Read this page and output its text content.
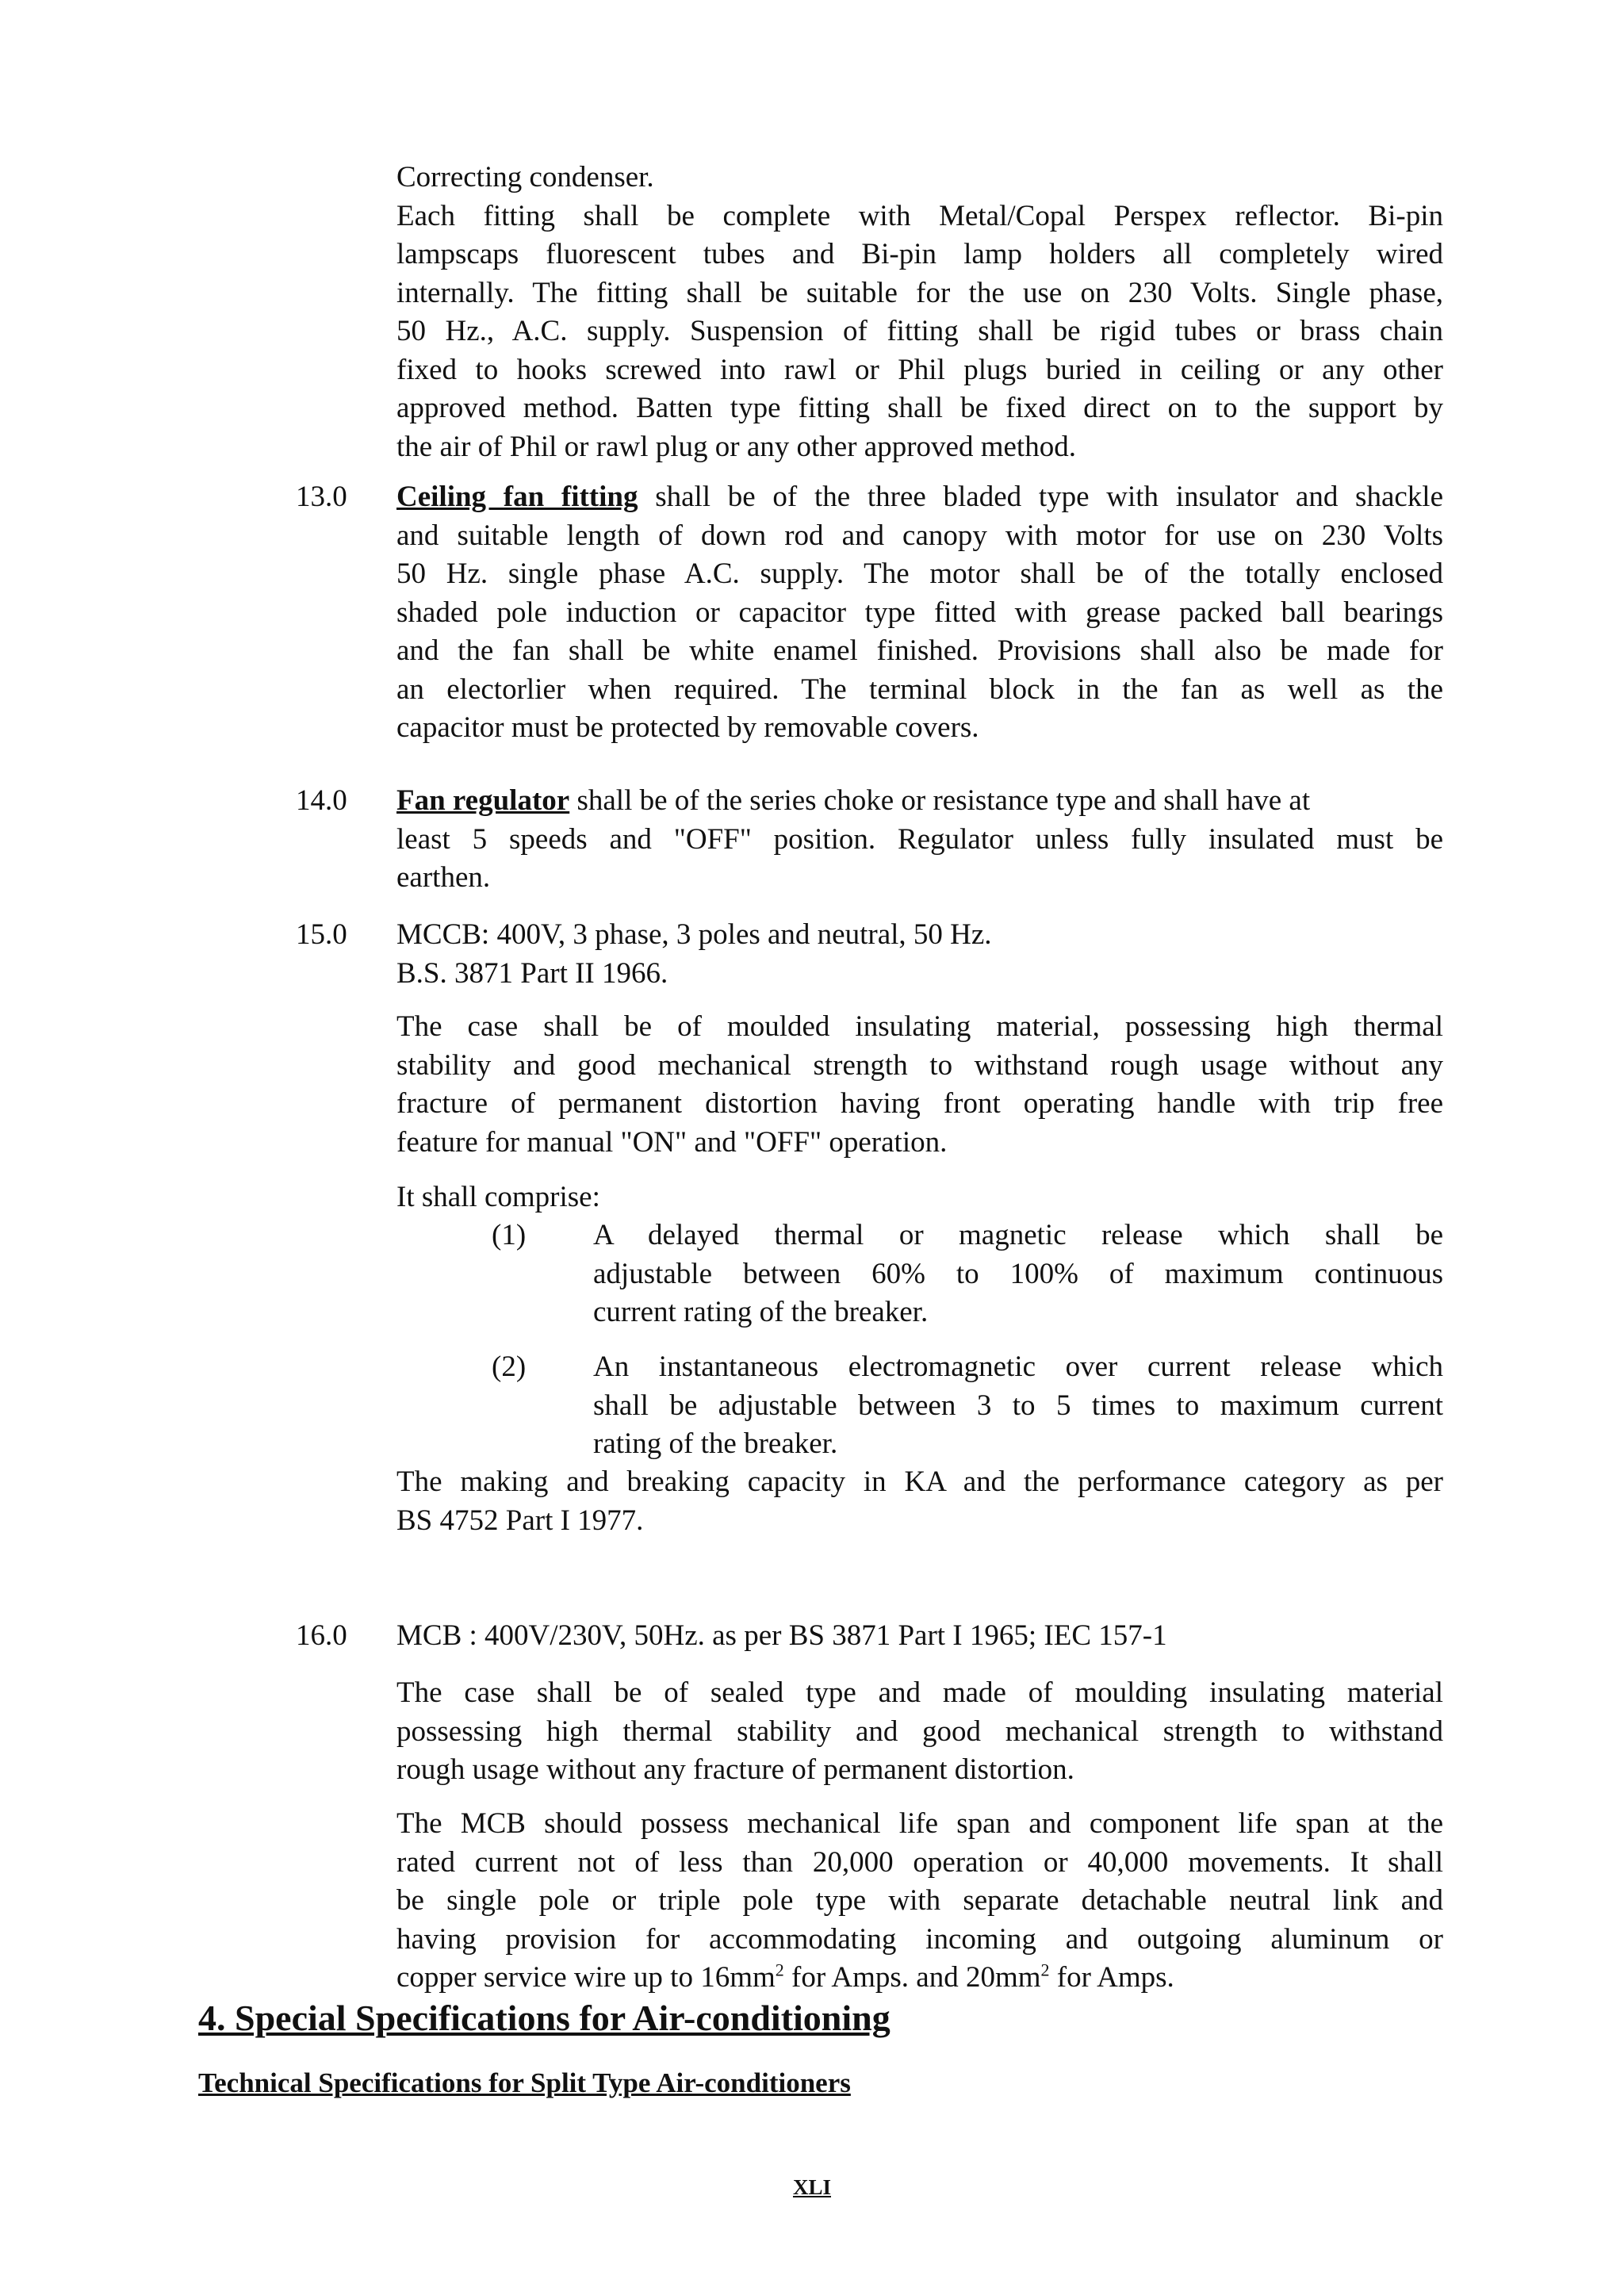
Correcting condenser.
Each fitting shall be complete with Metal/Copal Perspex reflector. Bi-pin
lampscaps fluorescent tubes and Bi-pin lamp holders all completely wired
internally. The fitting shall be suitable for the use on 230 Volts. Single phase,
50 Hz., A.C. supply. Suspension of fitting shall be rigid tubes or brass chain
fixed to hooks screwed into rawl or Phil plugs buried in ceiling or any other
approved method. Batten type fitting shall be fixed direct on to the support by
the air of Phil or rawl plug or any other approved method.
13.0 Ceiling fan fitting shall be of the three bladed type with insulator and shackle
and suitable length of down rod and canopy with motor for use on 230 Volts
50 Hz. single phase A.C. supply. The motor shall be of the totally enclosed
shaded pole induction or capacitor type fitted with grease packed ball bearings
and the fan shall be white enamel finished. Provisions shall also be made for
an electorlier when required. The terminal block in the fan as well as the
capacitor must be protected by removable covers.
14.0 Fan regulator shall be of the series choke or resistance type and shall have at
least 5 speeds and "OFF" position. Regulator unless fully insulated must be
earthen.
15.0 MCCB: 400V, 3 phase, 3 poles and neutral, 50 Hz.
B.S. 3871 Part II 1966.
The case shall be of moulded insulating material, possessing high thermal
stability and good mechanical strength to withstand rough usage without any
fracture of permanent distortion having front operating handle with trip free
feature for manual "ON" and "OFF" operation.
It shall comprise:
(1) A delayed thermal or magnetic release which shall be
adjustable between 60% to 100% of maximum continuous
current rating of the breaker.
(2) An instantaneous electromagnetic over current release which
shall be adjustable between 3 to 5 times to maximum current
rating of the breaker.
The making and breaking capacity in KA and the performance category as per
BS 4752 Part I 1977.
16.0 MCB : 400V/230V, 50Hz. as per BS 3871 Part I 1965; IEC 157-1
The case shall be of sealed type and made of moulding insulating material
possessing high thermal stability and good mechanical strength to withstand
rough usage without any fracture of permanent distortion.
The MCB should possess mechanical life span and component life span at the
rated current not of less than 20,000 operation or 40,000 movements. It shall
be single pole or triple pole type with separate detachable neutral link and
having provision for accommodating incoming and outgoing aluminum or
copper service wire up to $16mm^2$ for Amps. and $20mm^2$ for Amps.
4. Special Specifications for Air-conditioning
Technical Specifications for Split Type Air-conditioners
XLI
